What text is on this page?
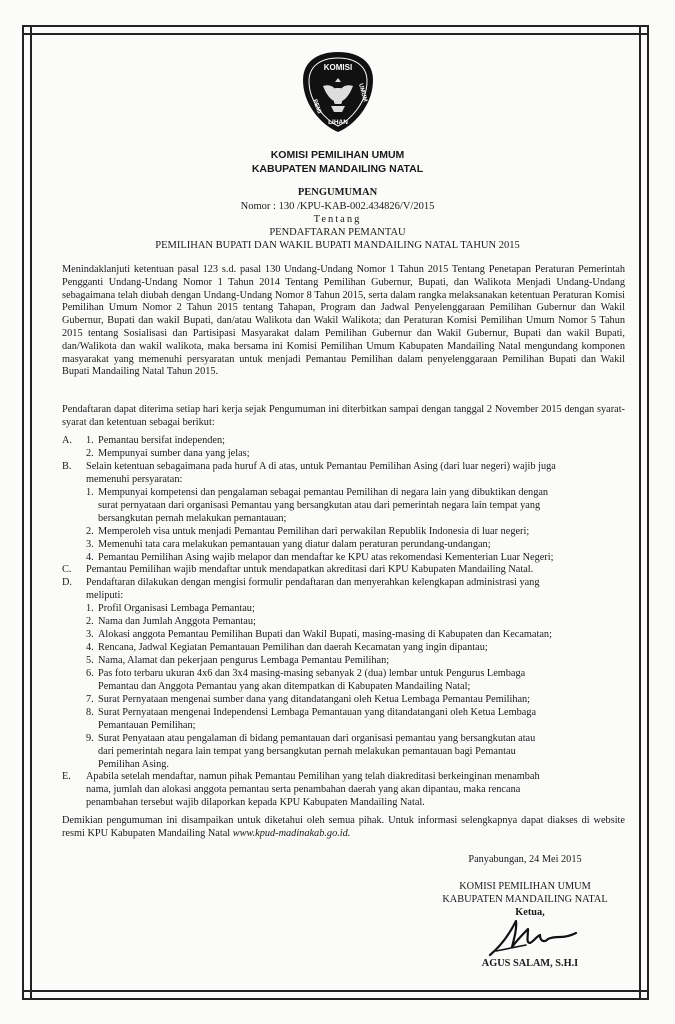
KOMISI
PEMI
LIHAN
UMUM
KOMISI PEMILIHAN UMUM
KABUPATEN MANDAILING NATAL
PENGUMUMAN
Nomor : 130 /KPU-KAB-002.434826/V/2015
Tentang
PENDAFTARAN PEMANTAU
PEMILIHAN BUPATI DAN WAKIL BUPATI MANDAILING NATAL TAHUN 2015
Menindaklanjuti ketentuan pasal 123 s.d. pasal 130 Undang-Undang Nomor 1 Tahun 2015 Tentang Penetapan Peraturan Pemerintah Pengganti Undang-Undang Nomor 1 Tahun 2014 Tentang Pemilihan Gubernur, Bupati, dan Walikota Menjadi Undang-Undang sebagaimana telah diubah dengan Undang-Undang Nomor 8 Tahun 2015, serta dalam rangka melaksanakan ketentuan Peraturan Komisi Pemilihan Umum Nomor 2 Tahun 2015 tentang Tahapan, Program dan Jadwal Penyelenggaraan Pemilihan Gubernur dan Wakil Gubernur, Bupati dan wakil Bupati, dan/atau Walikota dan Wakil Walikota; dan Peraturan Komisi Pemilihan Umum Nomor 5 Tahun 2015 tentang Sosialisasi dan Partisipasi Masyarakat dalam Pemilihan Gubernur dan Wakil Gubernur, Bupati dan wakil Bupati, dan/Walikota dan wakil walikota, maka bersama ini Komisi Pemilihan Umum Kabupaten Mandailing Natal mengundang komponen masyarakat yang memenuhi persyaratan untuk menjadi Pemantau Pemilihan dalam penyelenggaraan Pemilihan Bupati dan Wakil Bupati Mandailing Natal Tahun 2015.
Pendaftaran dapat diterima setiap hari kerja sejak Pengumuman ini diterbitkan sampai dengan tanggal 2 November 2015 dengan syarat-syarat dan ketentuan sebagai berikut:
A. 1. Pemantau bersifat independen;
2. Mempunyai sumber dana yang jelas;
B. Selain ketentuan sebagaimana pada huruf A di atas, untuk Pemantau Pemilihan Asing (dari luar negeri) wajib juga
memenuhi persyaratan:
1. Mempunyai kompetensi dan pengalaman sebagai pemantau Pemilihan di negara lain yang dibuktikan dengan
surat pernyataan dari organisasi Pemantau yang bersangkutan atau dari pemerintah negara lain tempat yang
bersangkutan pernah melakukan pemantauan;
2. Memperoleh visa untuk menjadi Pemantau Pemilihan dari perwakilan Republik Indonesia di luar negeri;
3. Memenuhi tata cara melakukan pemantauan yang diatur dalam peraturan perundang-undangan;
4. Pemantau Pemilihan Asing wajib melapor dan mendaftar ke KPU atas rekomendasi Kementerian Luar Negeri;
C. Pemantau Pemilihan wajib mendaftar untuk mendapatkan akreditasi dari KPU Kabupaten Mandailing Natal.
D. Pendaftaran dilakukan dengan mengisi formulir pendaftaran dan menyerahkan kelengkapan administrasi yang
meliputi:
1. Profil Organisasi Lembaga Pemantau;
2. Nama dan Jumlah Anggota Pemantau;
3. Alokasi anggota Pemantau Pemilihan Bupati dan Wakil Bupati, masing-masing di Kabupaten dan Kecamatan;
4. Rencana, Jadwal Kegiatan Pemantauan Pemilihan dan daerah Kecamatan yang ingin dipantau;
5. Nama, Alamat dan pekerjaan pengurus Lembaga Pemantau Pemilihan;
6. Pas foto terbaru ukuran 4x6 dan 3x4 masing-masing sebanyak 2 (dua) lembar untuk Pengurus Lembaga
Pemantau dan Anggota Pemantau yang akan ditempatkan di Kabupaten Mandailing Natal;
7. Surat Pernyataan mengenai sumber dana yang ditandatangani oleh Ketua Lembaga Pemantau Pemilihan;
8. Surat Pernyataan mengenai Independensi Lembaga Pemantauan yang ditandatangani oleh Ketua Lembaga
Pemantauan Pemilihan;
9. Surat Penyataan atau pengalaman di bidang pemantauan dari organisasi pemantau yang bersangkutan atau
dari pemerintah negara lain tempat yang bersangkutan pernah melakukan pemantauan bagi Pemantau
Pemilihan Asing.
E. Apabila setelah mendaftar, namun pihak Pemantau Pemilihan yang telah diakreditasi berkeinginan menambah
nama, jumlah dan alokasi anggota pemantau serta penambahan daerah yang akan dipantau, maka rencana
penambahan tersebut wajib dilaporkan kepada KPU Kabupaten Mandailing Natal.
Demikian pengumuman ini disampaikan untuk diketahui oleh semua pihak. Untuk informasi selengkapnya dapat diakses di website resmi KPU Kabupaten Mandailing Natal www.kpud-madinakab.go.id.
Panyabungan, 24 Mei 2015
KOMISI PEMILIHAN UMUM
KABUPATEN MANDAILING NATAL
Ketua,
AGUS SALAM, S.H.I
